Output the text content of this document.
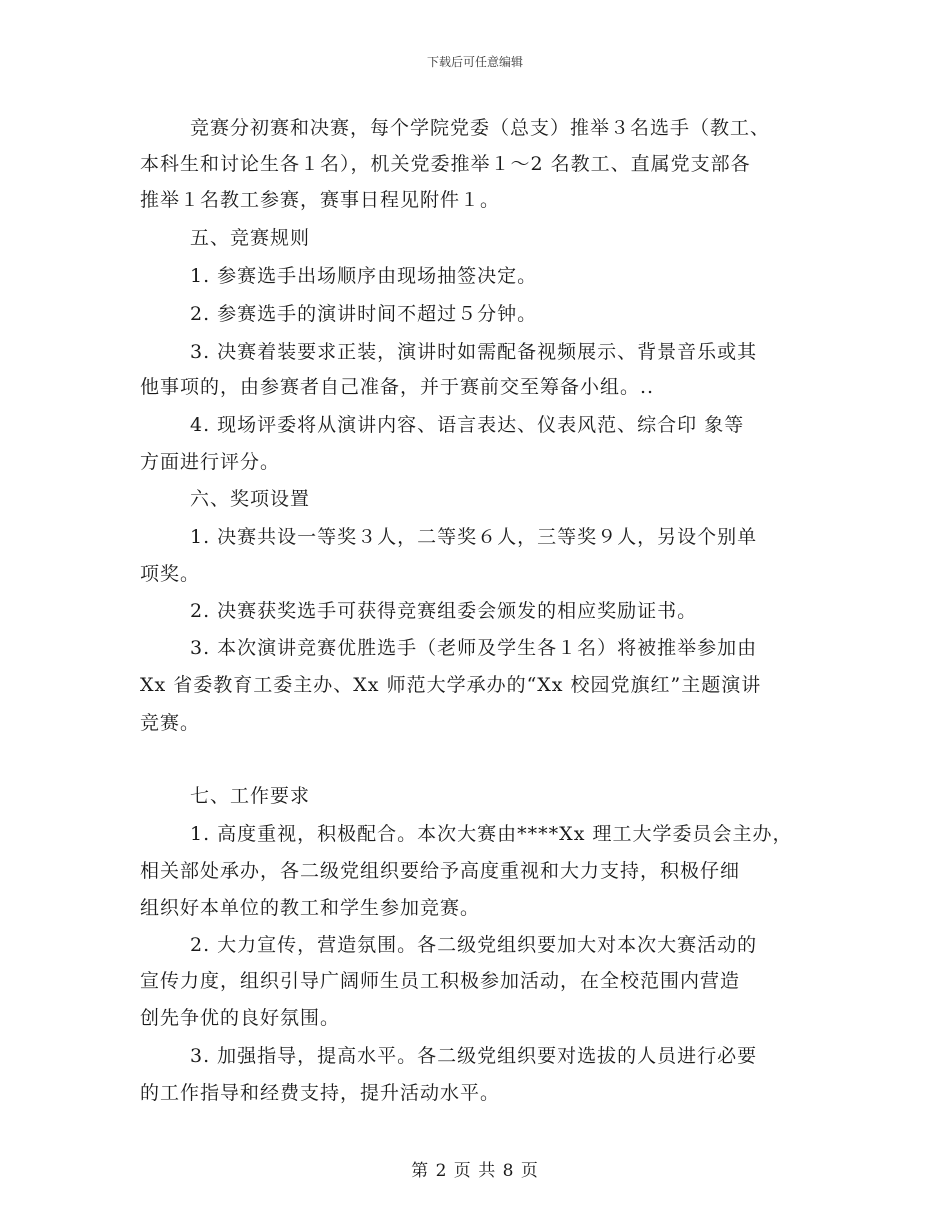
下载后可任意编辑
竞赛分初赛和决赛，每个学院党委（总支）推举３名选手（教工、
本科生和讨论生各１名），机关党委推举１～2 名教工、直属党支部各
推举１名教工参赛，赛事日程见附件１。
五、竞赛规则
1. 参赛选手出场顺序由现场抽签决定。
2. 参赛选手的演讲时间不超过５分钟。
3. 决赛着装要求正装，演讲时如需配备视频展示、背景音乐或其
他事项的，由参赛者自己准备，并于赛前交至筹备小组。..
4. 现场评委将从演讲内容、语言表达、仪表风范、综合印 象等
方面进行评分。
六、奖项设置
1. 决赛共设一等奖３人，二等奖６人，三等奖９人，另设个别单
项奖。
2. 决赛获奖选手可获得竞赛组委会颁发的相应奖励证书。
3. 本次演讲竞赛优胜选手（老师及学生各１名）将被推举参加由
Xx 省委教育工委主办、Xx 师范大学承办的“Xx 校园党旗红”主题演讲
竞赛。
七、工作要求
1. 高度重视，积极配合。本次大赛由****Xx 理工大学委员会主办，
相关部处承办，各二级党组织要给予高度重视和大力支持，积极仔细
组织好本单位的教工和学生参加竞赛。
2. 大力宣传，营造氛围。各二级党组织要加大对本次大赛活动的
宣传力度，组织引导广阔师生员工积极参加活动，在全校范围内营造
创先争优的良好氛围。
3. 加强指导，提高水平。各二级党组织要对选拔的人员进行必要
的工作指导和经费支持，提升活动水平。
第 2 页 共 8 页
